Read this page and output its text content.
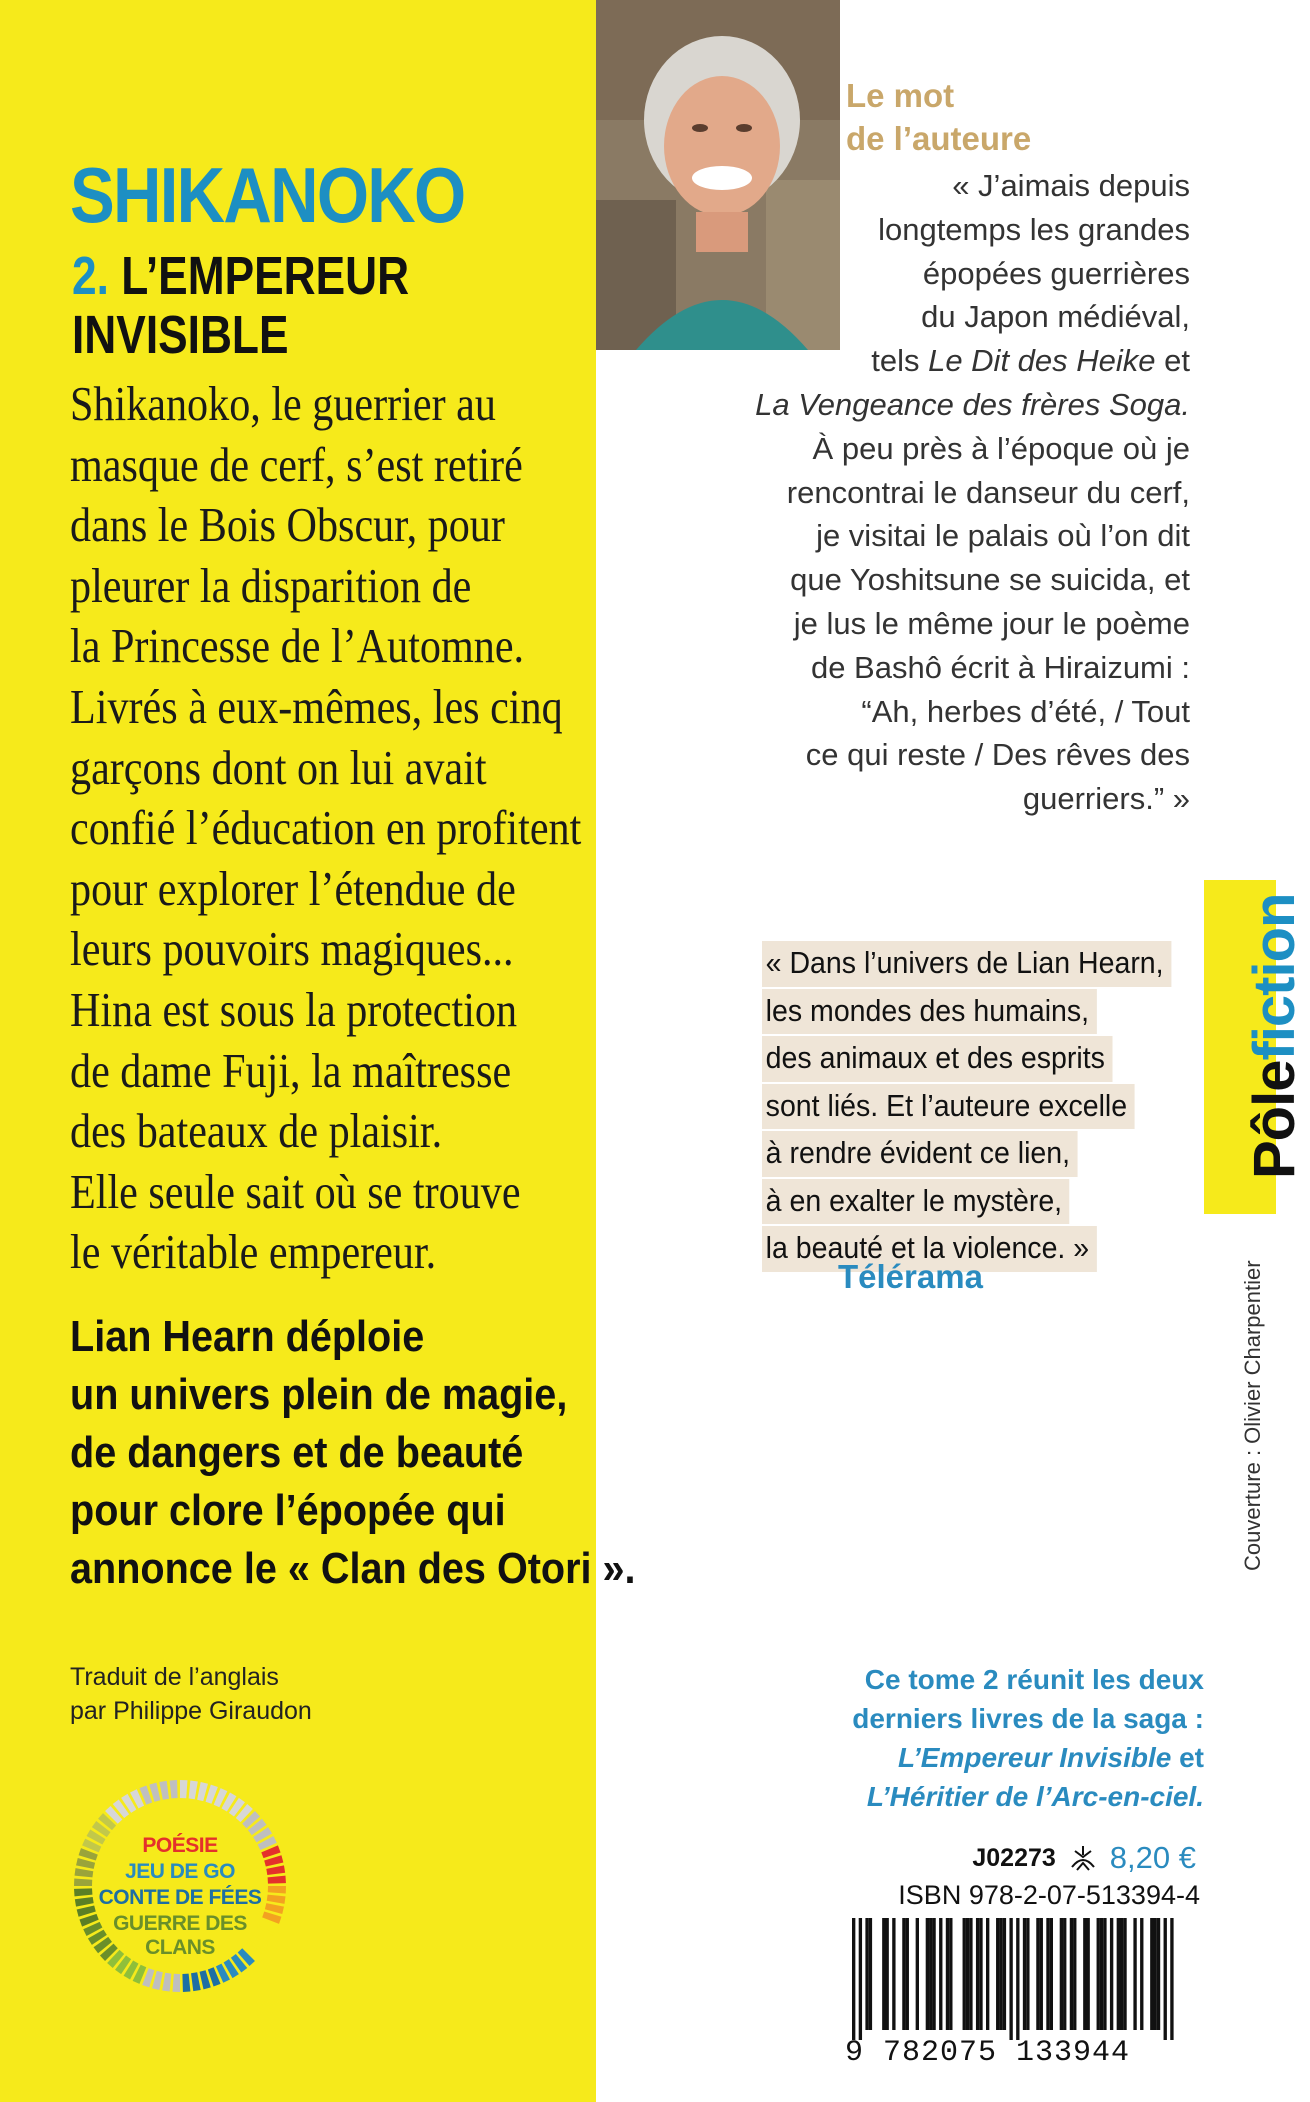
SHIKANOKO
2. L’EMPEREUR
INVISIBLE
Shikanoko, le guerrier au
masque de cerf, s’est retiré
dans le Bois Obscur, pour
pleurer la disparition de
la Princesse de l’Automne.
Livrés à eux-mêmes, les cinq
garçons dont on lui avait
confié l’éducation en profitent
pour explorer l’étendue de
leurs pouvoirs magiques...
Hina est sous la protection
de dame Fuji, la maîtresse
des bateaux de plaisir.
Elle seule sait où se trouve
le véritable empereur.
Lian Hearn déploie
un univers plein de magie,
de dangers et de beauté
pour clore l’épopée qui
annonce le « Clan des Otori ».
Traduit de l’anglais
par Philippe Giraudon
POÉSIE
JEU DE GO
CONTE DE FÉES
GUERRE DES
CLANS
Le mot
de l’auteure
« J’aimais depuis
longtemps les grandes
épopées guerrières
du Japon médiéval,
tels Le Dit des Heike et
La Vengeance des frères Soga.
À peu près à l’époque où je
rencontrai le danseur du cerf,
je visitai le palais où l’on dit
que Yoshitsune se suicida, et
je lus le même jour le poème
de Bashô écrit à Hiraizumi :
“Ah, herbes d’été, / Tout
ce qui reste / Des rêves des
guerriers.” »
« Dans l’univers de Lian Hearn,
les mondes des humains,
des animaux et des esprits
sont liés. Et l’auteure excelle
à rendre évident ce lien,
à en exalter le mystère,
la beauté et la violence. »
Télérama
Pôlefiction
Couverture : Olivier Charpentier
Ce tome 2 réunit les deux
derniers livres de la saga :
L’Empereur Invisible et
L’Héritier de l’Arc-en-ciel.
J02273 8,20 €
ISBN 978-2-07-513394-4
9 782075 133944
